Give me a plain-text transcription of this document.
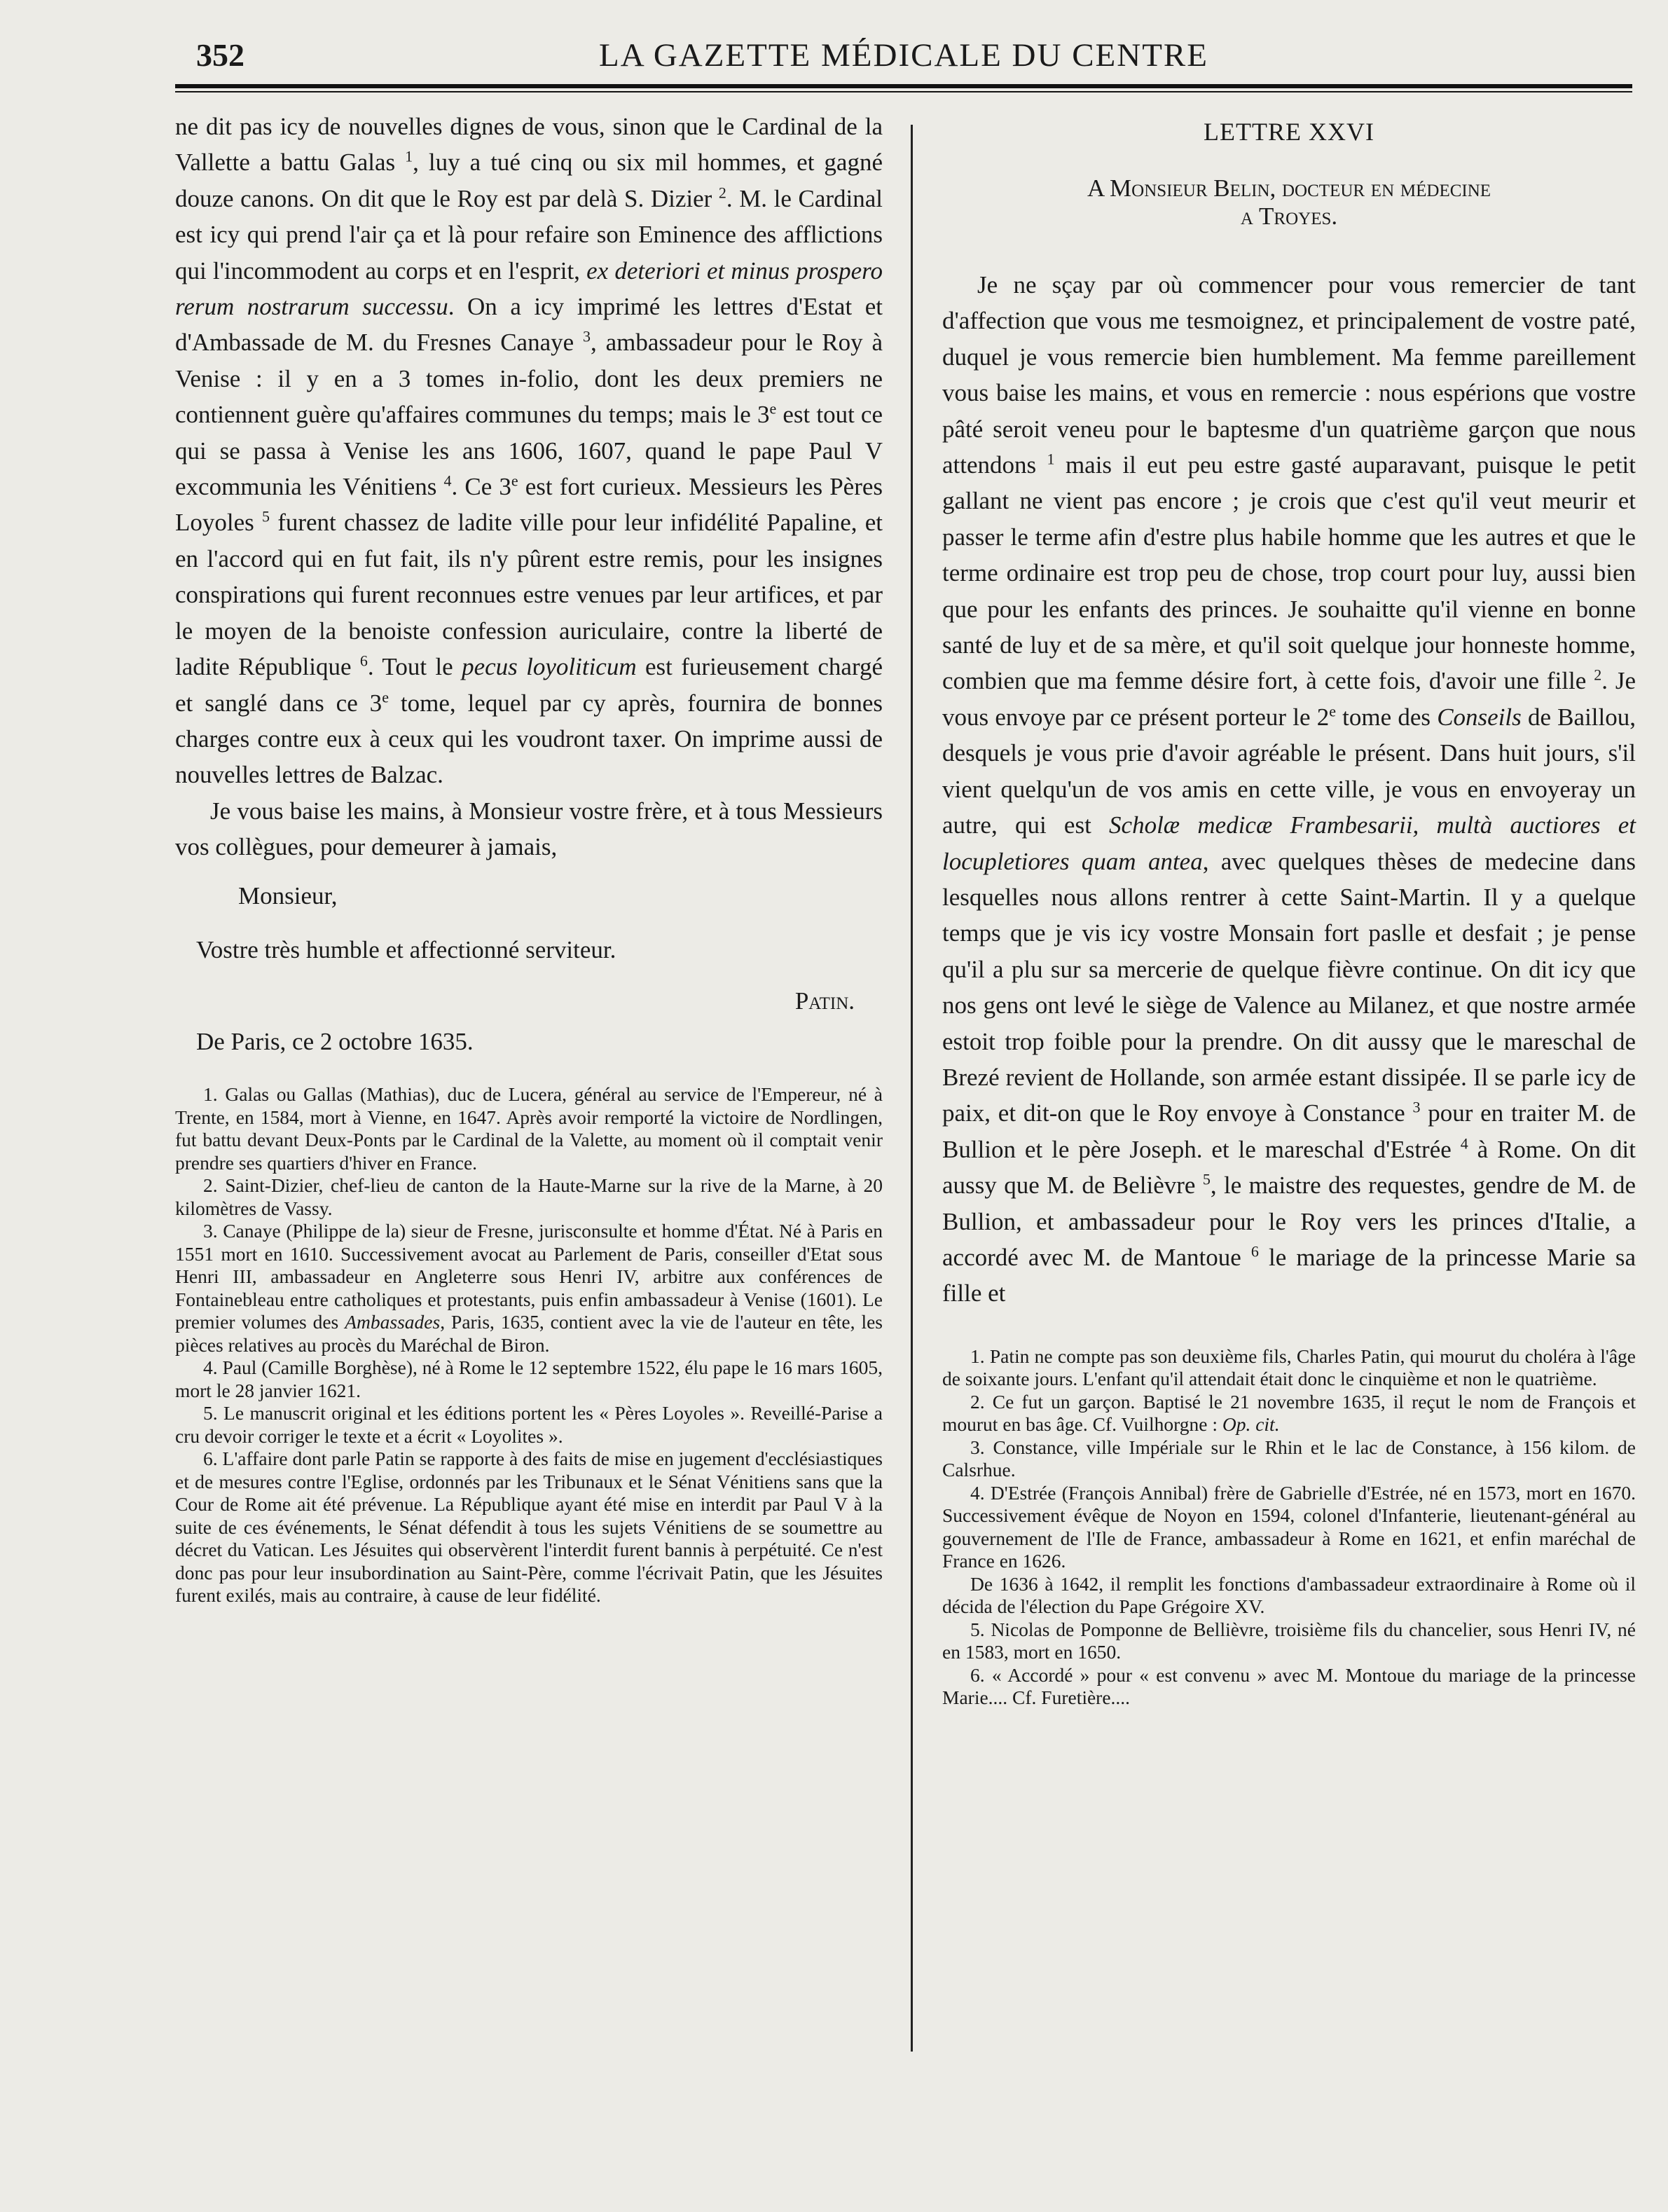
352	LA GAZETTE MÉDICALE DU CENTRE

ne dit pas icy de nouvelles dignes de vous, sinon que le Cardinal de la Vallette a battu Galas $^1$, luy a tué cinq ou six mil hommes, et gagné douze canons. On dit que le Roy est par delà S. Dizier $^2$. M. le Cardinal est icy qui prend l'air ça et là pour refaire son Eminence des afflictions qui l'incommodent au corps et en l'esprit, ex deteriori et minus prospero rerum nostrarum successu. On a icy imprimé les lettres d'Estat et d'Ambassade de M. du Fresnes Canaye $^3$, ambassadeur pour le Roy à Venise : il y en a 3 tomes in-folio, dont les deux premiers ne contiennent guère qu'affaires communes du temps; mais le 3e est tout ce qui se passa à Venise les ans 1606, 1607, quand le pape Paul V excommunia les Vénitiens $^4$. Ce 3e est fort curieux. Messieurs les Pères Loyoles $^5$ furent chassez de ladite ville pour leur infidélité Papaline, et en l'accord qui en fut fait, ils n'y pûrent estre remis, pour les insignes conspirations qui furent reconnues estre venues par leur artifices, et par le moyen de la benoiste confession auriculaire, contre la liberté de ladite République $^6$. Tout le pecus loyoliticum est furieusement chargé et sanglé dans ce 3e tome, lequel par cy après, fournira de bonnes charges contre eux à ceux qui les voudront taxer. On imprime aussi de nouvelles lettres de Balzac.

Je vous baise les mains, à Monsieur vostre frère, et à tous Messieurs vos collègues, pour demeurer à jamais,

Monsieur,
Vostre très humble et affectionné serviteur.
Patin.
De Paris, ce 2 octobre 1635.

1. Galas ou Gallas (Mathias), duc de Lucera, général au service de l'Empereur, né à Trente, en 1584, mort à Vienne, en 1647. Après avoir remporté la victoire de Nordlingen, fut battu devant Deux-Ponts par le Cardinal de la Valette, au moment où il comptait venir prendre ses quartiers d'hiver en France.

2. Saint-Dizier, chef-lieu de canton de la Haute-Marne sur la rive de la Marne, à 20 kilomètres de Vassy.

3. Canaye (Philippe de la) sieur de Fresne, jurisconsulte et homme d'État. Né à Paris en 1551 mort en 1610. Successivement avocat au Parlement de Paris, conseiller d'Etat sous Henri III, ambassadeur en Angleterre sous Henri IV, arbitre aux conférences de Fontainebleau entre catholiques et protestants, puis enfin ambassadeur à Venise (1601). Le premier volumes des Ambassades, Paris, 1635, contient avec la vie de l'auteur en tête, les pièces relatives au procès du Maréchal de Biron.

4. Paul (Camille Borghèse), né à Rome le 12 septembre 1522, élu pape le 16 mars 1605, mort le 28 janvier 1621.

5. Le manuscrit original et les éditions portent les « Pères Loyoles ». Reveillé-Parise a cru devoir corriger le texte et a écrit « Loyolites ».

6. L'affaire dont parle Patin se rapporte à des faits de mise en jugement d'ecclésiastiques et de mesures contre l'Eglise, ordonnés par les Tribunaux et le Sénat Vénitiens sans que la Cour de Rome ait été prévenue. La République ayant été mise en interdit par Paul V à la suite de ces événements, le Sénat défendit à tous les sujets Vénitiens de se soumettre au décret du Vatican. Les Jésuites qui observèrent l'interdit furent bannis à perpétuité. Ce n'est donc pas pour leur insubordination au Saint-Père, comme l'écrivait Patin, que les Jésuites furent exilés, mais au contraire, à cause de leur fidélité.

LETTRE XXVI
A Monsieur Belin, docteur en médecine
a Troyes.

Je ne sçay par où commencer pour vous remercier de tant d'affection que vous me tesmoignez, et principalement de vostre paté, duquel je vous remercie bien humblement. Ma femme pareillement vous baise les mains, et vous en remercie : nous espérions que vostre pâté seroit veneu pour le baptesme d'un quatrième garçon que nous attendons $^1$ mais il eut peu estre gasté auparavant, puisque le petit gallant ne vient pas encore ; je crois que c'est qu'il veut meurir et passer le terme afin d'estre plus habile homme que les autres et que le terme ordinaire est trop peu de chose, trop court pour luy, aussi bien que pour les enfants des princes. Je souhaitte qu'il vienne en bonne santé de luy et de sa mère, et qu'il soit quelque jour honneste homme, combien que ma femme désire fort, à cette fois, d'avoir une fille $^2$. Je vous envoye par ce présent porteur le 2e tome des Conseils de Baillou, desquels je vous prie d'avoir agréable le présent. Dans huit jours, s'il vient quelqu'un de vos amis en cette ville, je vous en envoyeray un autre, qui est Scholæ medicæ Frambesarii, multà auctiores et locupletiores quam antea, avec quelques thèses de medecine dans lesquelles nous allons rentrer à cette Saint-Martin. Il y a quelque temps que je vis icy vostre Monsain fort paslle et desfait ; je pense qu'il a plu sur sa mercerie de quelque fièvre continue. On dit icy que nos gens ont levé le siège de Valence au Milanez, et que nostre armée estoit trop foible pour la prendre. On dit aussy que le mareschal de Brezé revient de Hollande, son armée estant dissipée. Il se parle icy de paix, et dit-on que le Roy envoye à Constance $^3$ pour en traiter M. de Bullion et le père Joseph. et le mareschal d'Estrée $^4$ à Rome. On dit aussy que M. de Belièvre $^5$, le maistre des requestes, gendre de M. de Bullion, et ambassadeur pour le Roy vers les princes d'Italie, a accordé avec M. de Mantoue $^6$ le mariage de la princesse Marie sa fille et

1. Patin ne compte pas son deuxième fils, Charles Patin, qui mourut du choléra à l'âge de soixante jours. L'enfant qu'il attendait était donc le cinquième et non le quatrième.

2. Ce fut un garçon. Baptisé le 21 novembre 1635, il reçut le nom de François et mourut en bas âge. Cf. Vuilhorgne : Op. cit.

3. Constance, ville Impériale sur le Rhin et le lac de Constance, à 156 kilom. de Calsrhue.

4. D'Estrée (François Annibal) frère de Gabrielle d'Estrée, né en 1573, mort en 1670. Successivement évêque de Noyon en 1594, colonel d'Infanterie, lieutenant-général au gouvernement de l'Ile de France, ambassadeur à Rome en 1621, et enfin maréchal de France en 1626.

De 1636 à 1642, il remplit les fonctions d'ambassadeur extraordinaire à Rome où il décida de l'élection du Pape Grégoire XV.

5. Nicolas de Pomponne de Bellièvre, troisième fils du chancelier, sous Henri IV, né en 1583, mort en 1650.

6. « Accordé » pour « est convenu » avec M. Montoue du mariage de la princesse Marie.... Cf. Furetière....
